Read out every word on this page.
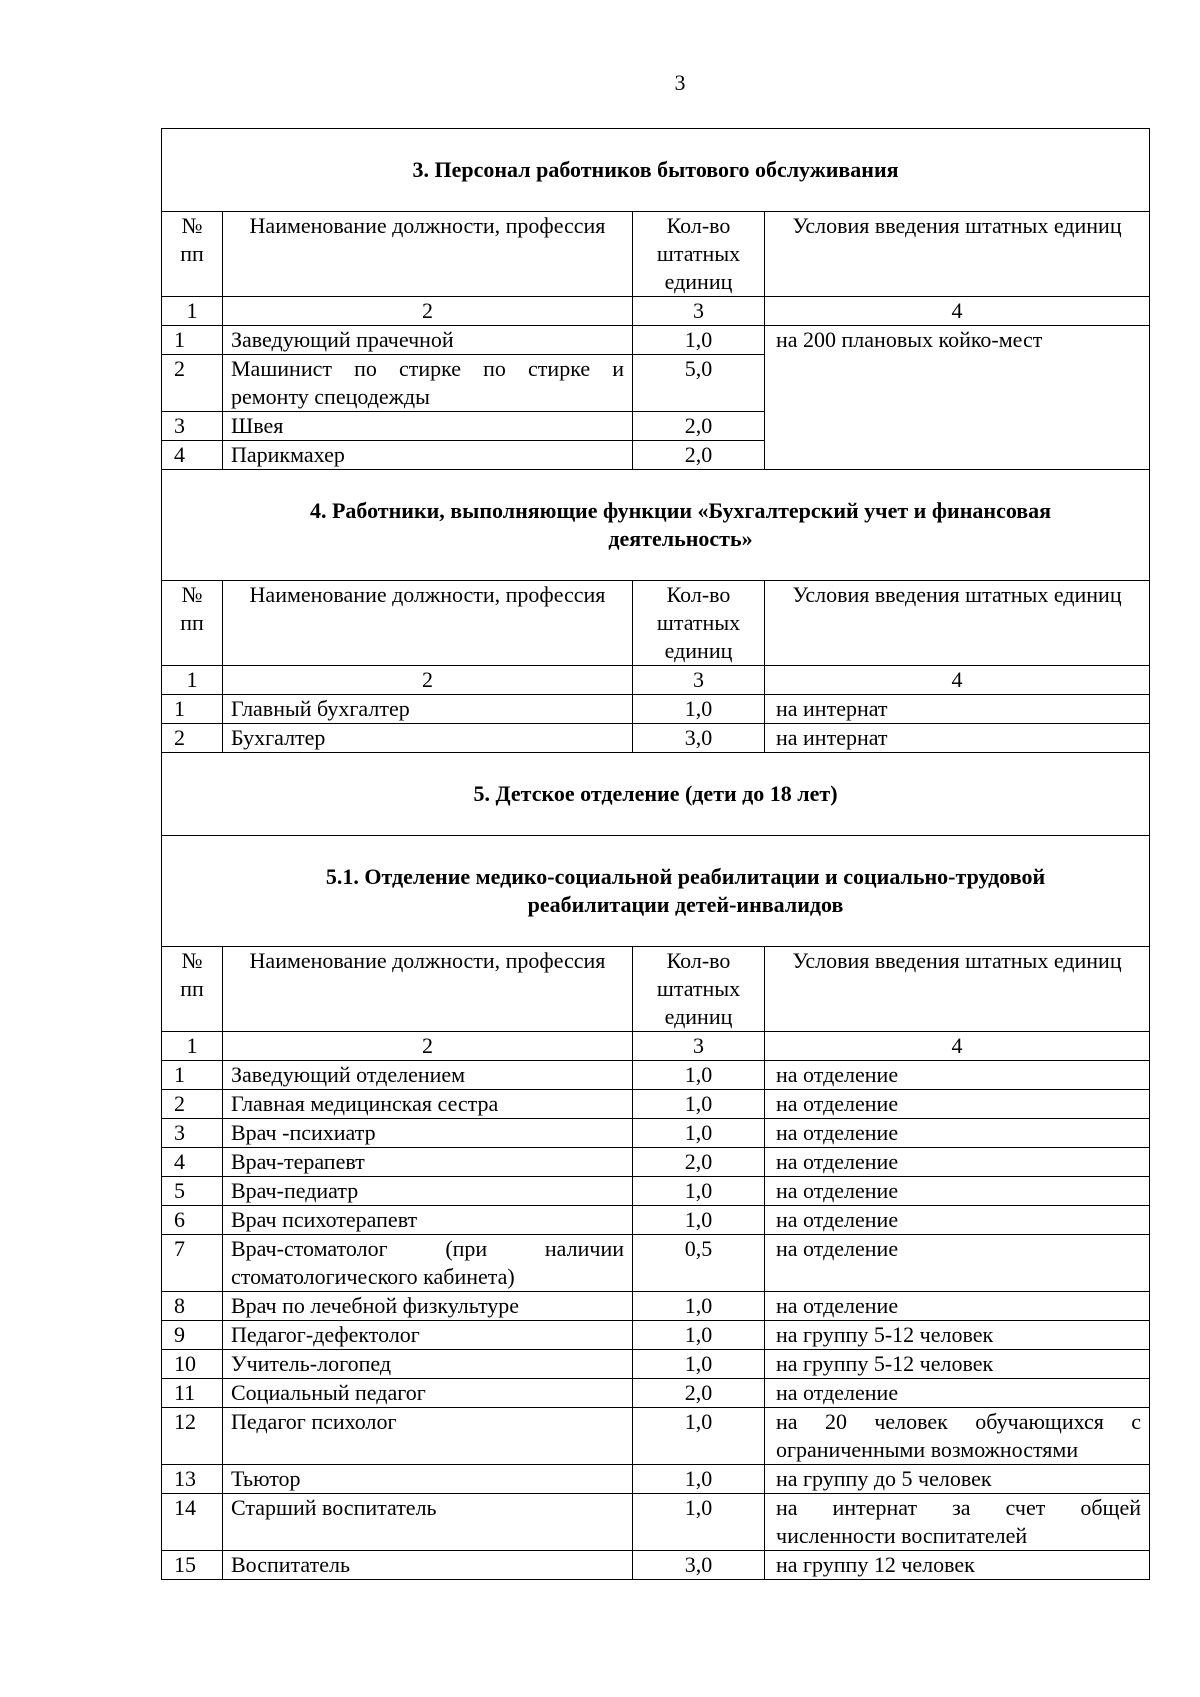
3
3. Персонал работников бытового обслуживания			
№ пп	Наименование должности, профессия	Кол-во штатных единиц	Условия введения штатных единиц
1	2	3	4
1	Заведующий прачечной	1,0	на 200 плановых койко-мест
2	Машинист по стирке по стирке и ремонту спецодежды	5,0	
3	Швея	2,0	
4	Парикмахер	2,0	
4. Работники, выполняющие функции «Бухгалтерский учет и финансовая деятельность»			
№ пп	Наименование должности, профессия	Кол-во штатных единиц	Условия введения штатных единиц
1	2	3	4
1	Главный бухгалтер	1,0	на интернат
2	Бухгалтер	3,0	на интернат
5. Детское отделение (дети до 18 лет)			
5.1. Отделение медико-социальной реабилитации и социально-трудовой реабилитации детей-инвалидов			
№ пп	Наименование должности, профессия	Кол-во штатных единиц	Условия введения штатных единиц
1	2	3	4
1	Заведующий отделением	1,0	на отделение
2	Главная медицинская сестра	1,0	на отделение
3	Врач -психиатр	1,0	на отделение
4	Врач-терапевт	2,0	на отделение
5	Врач-педиатр	1,0	на отделение
6	Врач психотерапевт	1,0	на отделение
7	Врач-стоматолог (при наличии стоматологического кабинета)	0,5	на отделение
8	Врач по лечебной физкультуре	1,0	на отделение
9	Педагог-дефектолог	1,0	на группу 5-12 человек
10	Учитель-логопед	1,0	на группу 5-12 человек
11	Социальный педагог	2,0	на отделение
12	Педагог психолог	1,0	на 20 человек обучающихся с ограниченными возможностями
13	Тьютор	1,0	на группу до 5 человек
14	Старший воспитатель	1,0	на интернат за счет общей численности воспитателей
15	Воспитатель	3,0	на группу 12 человек
